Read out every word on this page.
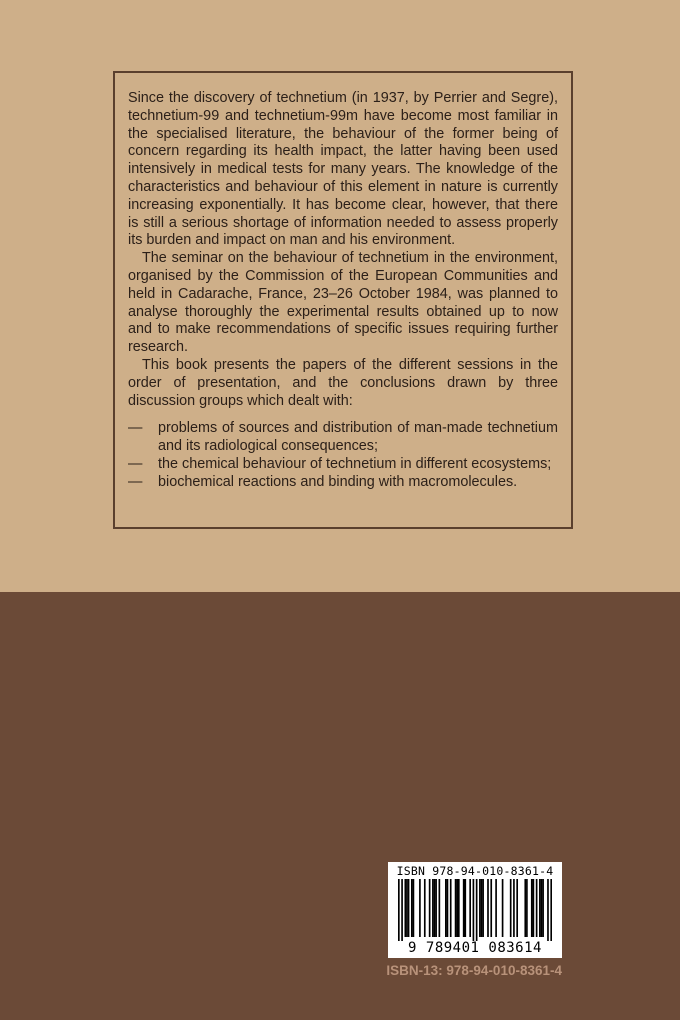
Since the discovery of technetium (in 1937, by Perrier and Segre), technetium-99 and technetium-99m have become most familiar in the specialised literature, the behaviour of the former being of concern regarding its health impact, the latter having been used intensively in medical tests for many years. The knowledge of the characteristics and behaviour of this element in nature is currently increasing exponentially. It has become clear, however, that there is still a serious shortage of information needed to assess properly its burden and impact on man and his environment.

The seminar on the behaviour of technetium in the environment, organised by the Commission of the European Communities and held in Cadarache, France, 23–26 October 1984, was planned to analyse thoroughly the experimental results obtained up to now and to make recommendations of specific issues requiring further research.

This book presents the papers of the different sessions in the order of presentation, and the conclusions drawn by three discussion groups which dealt with:

—	problems of sources and distribution of man-made technetium and its radiological consequences;
—	the chemical behaviour of technetium in different ecosystems;
—	biochemical reactions and binding with macromolecules.
ISBN 978-94-010-8361-4
9 789401 083614
ISBN-13: 978-94-010-8361-4
